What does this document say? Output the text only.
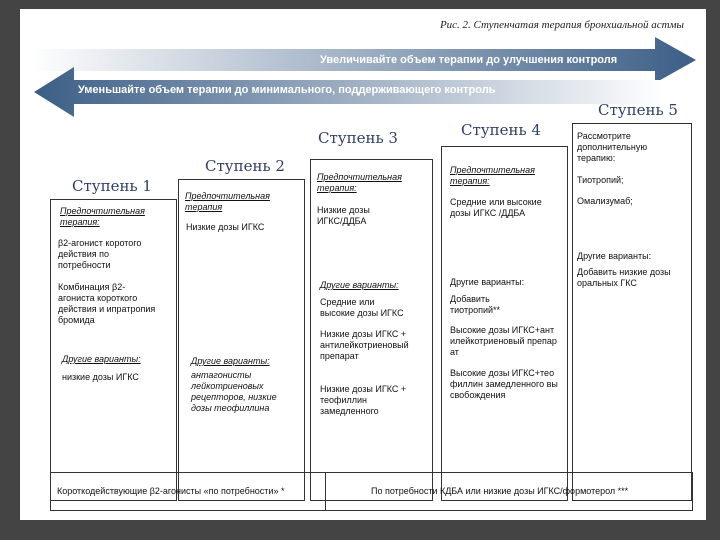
Рис. 2. Ступенчатая терапия бронхиальной астмы
Увеличивайте объем терапии до улучшения контроля
Уменьшайте объем терапии до минимального, поддерживающего контроль
Ступень 1
Ступень 2
Ступень 3	Ступень 4
Ступень 5
Предпочтительная терапия:
β2-агонист коротого действия по потребности
Комбинация β2-агониста короткого действия и ипратропия бромида
Другие варианты:
низкие дозы ИГКС
Предпочтительная терапия
Низкие дозы ИГКС
Другие варианты:
антагонисты лейкотриеновых рецепторов, низкие дозы теофиллина
Предпочтительная терапия:
Низкие дозы ИГКС/ДДБА
Другие варианты:
Средние или высокие дозы ИГКС
Низкие дозы ИГКС + антилейкотриеновый препарат
Низкие дозы ИГКС + теофиллин замедленного
Предпочтительная терапия:
Средние или высокие дозы ИГКС /ДДБА
Другие варианты:
Добавить тиотропий**
Высокие дозы ИГКС+антилейкотриеновый препарат
Высокие дозы ИГКС+теофиллин замедленного высвобождения
Рассмотрите дополнительную терапию:
Тиотропий;
Омализумаб;
Другие варианты:
Добавить низкие дозы оральных ГКС
Короткодействующие β2-агонисты «по потребности» *	По потребности КДБА или низкие дозы ИГКС/формотерол ***
